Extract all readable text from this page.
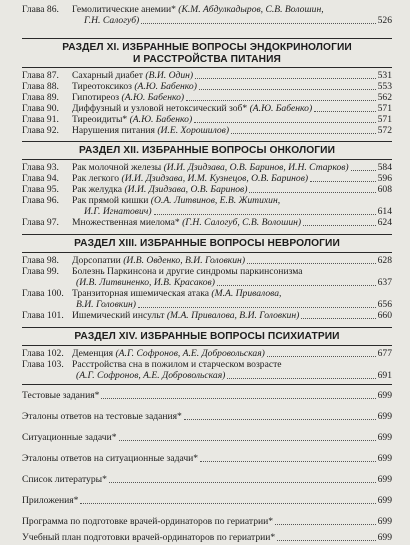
Глава 86.	Гемолитические анемии* (К.М. Абдулкадыров, С.В. Волошин,
Г.Н. Салогуб)	526
РАЗДЕЛ XI. ИЗБРАННЫЕ ВОПРОСЫ ЭНДОКРИНОЛОГИИ
И РАССТРОЙСТВА ПИТАНИЯ
Глава 87.	Сахарный диабет (В.И. Один)	531
Глава 88.	Тиреотоксикоз (А.Ю. Бабенко)	553
Глава 89.	Гипотиреоз (А.Ю. Бабенко)	562
Глава 90.	Диффузный и узловой нетоксический зоб* (А.Ю. Бабенко)	571
Глава 91.	Тиреоидиты* (А.Ю. Бабенко)	571
Глава 92.	Нарушения питания (И.Е. Хорошилов)	572
РАЗДЕЛ XII. ИЗБРАННЫЕ ВОПРОСЫ ОНКОЛОГИИ
Глава 93.	Рак молочной железы (И.И. Дзидзава, О.В. Баринов, И.Н. Старков)	584
Глава 94.	Рак легкого (И.И. Дзидзава, И.М. Кузнецов, О.В. Баринов)	596
Глава 95.	Рак желудка (И.И. Дзидзава, О.В. Баринов)	608
Глава 96.	Рак прямой кишки (О.А. Литвинов, Е.В. Житихин,
И.Г. Игнатович)	614
Глава 97.	Множественная миелома* (Г.Н. Салогуб, С.В. Волошин)	624
РАЗДЕЛ XIII. ИЗБРАННЫЕ ВОПРОСЫ НЕВРОЛОГИИ
Глава 98.	Дорсопатии (И.В. Овденко, В.И. Головкин)	628
Глава 99.	Болезнь Паркинсона и другие синдромы паркинсонизма
(И.В. Литвиненко, И.В. Красаков)	637
Глава 100. Транзиторная ишемическая атака (М.А. Привалова,
В.И. Головкин)	656
Глава 101. Ишемический инсульт (М.А. Привалова, В.И. Головкин)	660
РАЗДЕЛ XIV. ИЗБРАННЫЕ ВОПРОСЫ ПСИХИАТРИИ
Глава 102. Деменция (А.Г. Софронов, А.Е. Добровольская)	677
Глава 103. Расстройства сна в пожилом и старческом возрасте
(А.Г. Софронов, А.Е. Добровольская)	691
Тестовые задания*	699
Эталоны ответов на тестовые задания*	699
Ситуационные задачи*	699
Эталоны ответов на ситуационные задачи*	699
Список литературы*	699
Приложения*	699
Программа по подготовке врачей-ординаторов по гериатрии*	699
Учебный план подготовки врачей-ординаторов по гериатрии*	699
